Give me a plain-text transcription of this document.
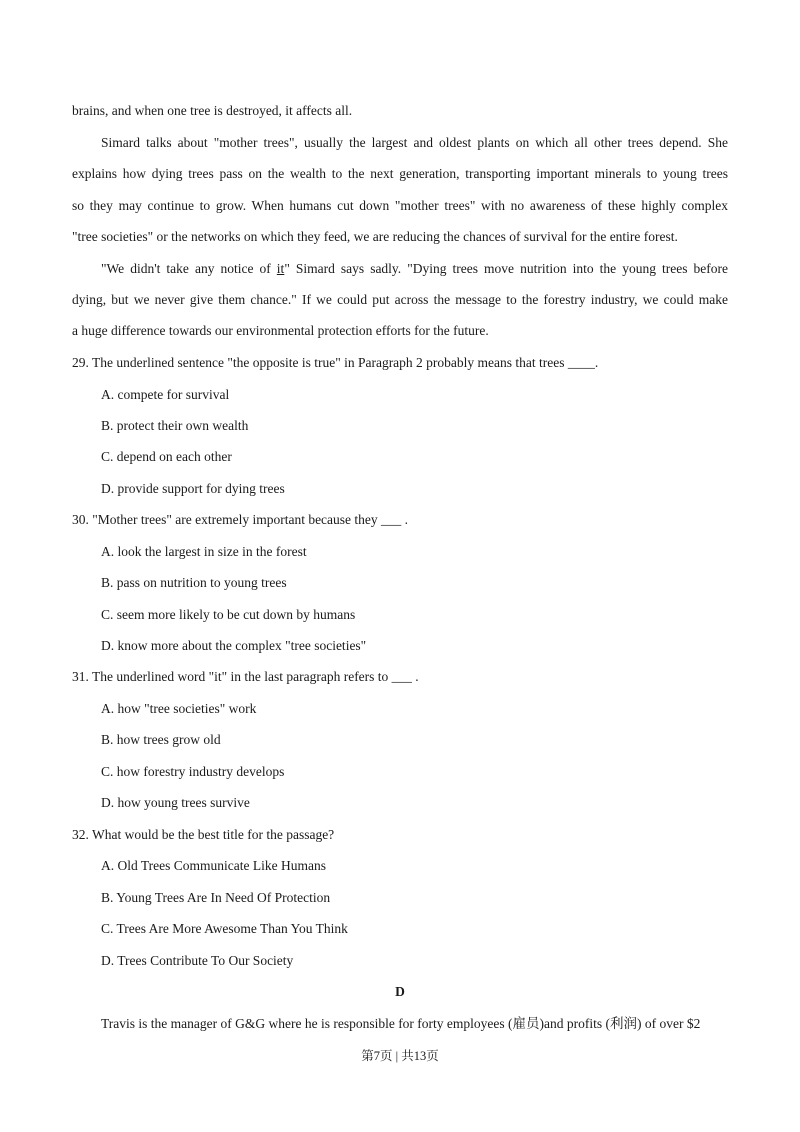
brains, and when one tree is destroyed, it affects all.
Simard talks about "mother trees", usually the largest and oldest plants on which all other trees depend. She
explains how dying trees pass on the wealth to the next generation, transporting important minerals to young trees
so they may continue to grow. When humans cut down "mother trees" with no awareness of these highly complex
"tree societies" or the networks on which they feed, we are reducing the chances of survival for the entire forest.
"We didn't take any notice of it" Simard says sadly. "Dying trees move nutrition into the young trees before
dying, but we never give them chance." If we could put across the message to the forestry industry, we could make
a huge difference towards our environmental protection efforts for the future.
29. The underlined sentence "the opposite is true" in Paragraph 2 probably means that trees ____.
A. compete for survival
B. protect their own wealth
C. depend on each other
D. provide support for dying trees
30. "Mother trees" are extremely important because they ___ .
A. look the largest in size in the forest
B. pass on nutrition to young trees
C. seem more likely to be cut down by humans
D. know more about the complex "tree societies"
31. The underlined word "it" in the last paragraph refers to ___ .
A. how "tree societies" work
B. how trees grow old
C. how forestry industry develops
D. how young trees survive
32. What would be the best title for the passage?
A. Old Trees Communicate Like Humans
B. Young Trees Are In Need Of Protection
C. Trees Are More Awesome Than You Think
D. Trees Contribute To Our Society
D
Travis is the manager of G&G where he is responsible for forty employees (雇员)and profits (利润) of over $2
第7页 | 共13页
